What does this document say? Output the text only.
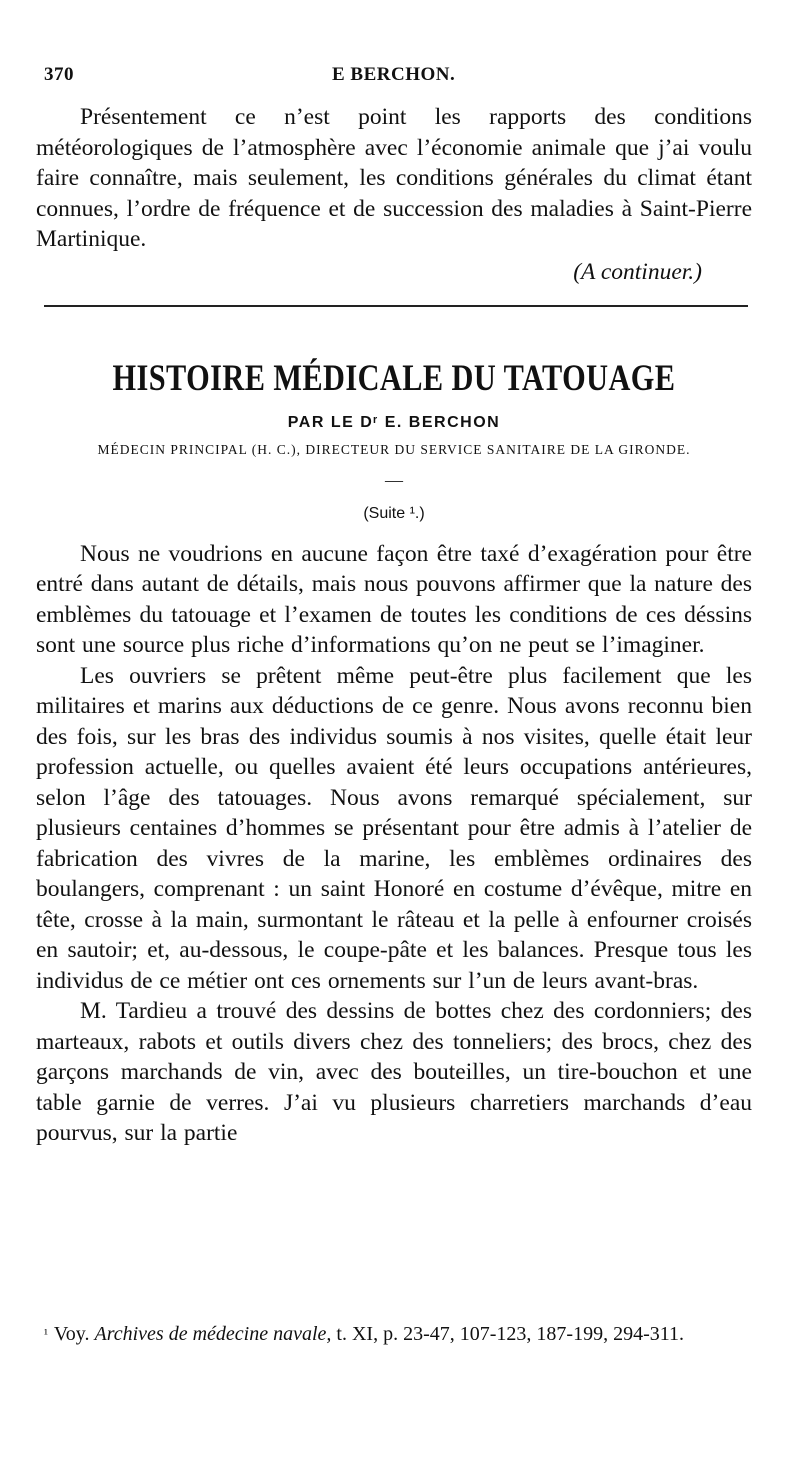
370	E BERCHON.

Présentement ce n’est point les rapports des conditions météorologiques de l’atmosphère avec l’économie animale que j’ai voulu faire connaître, mais seulement, les conditions générales du climat étant connues, l’ordre de fréquence et de succession des maladies à Saint-Pierre Martinique.

(A continuer.)
HISTOIRE MÉDICALE DU TATOUAGE
PAR LE Dʳ E. BERCHON
MÉDECIN PRINCIPAL (H. C.), DIRECTEUR DU SERVICE SANITAIRE DE LA GIRONDE.
—
(Suite ¹.)

Nous ne voudrions en aucune façon être taxé d’exagération pour être entré dans autant de détails, mais nous pouvons affirmer que la nature des emblèmes du tatouage et l’examen de toutes les conditions de ces déssins sont une source plus riche d’informations qu’on ne peut se l’imaginer.

Les ouvriers se prêtent même peut-être plus facilement que les militaires et marins aux déductions de ce genre. Nous avons reconnu bien des fois, sur les bras des individus soumis à nos visites, quelle était leur profession actuelle, ou quelles avaient été leurs occupations antérieures, selon l’âge des tatouages. Nous avons remarqué spécialement, sur plusieurs centaines d’hommes se présentant pour être admis à l’atelier de fabrication des vivres de la marine, les emblèmes ordinaires des boulangers, comprenant : un saint Honoré en costume d’évêque, mitre en tête, crosse à la main, surmontant le râteau et la pelle à enfourner croisés en sautoir; et, au-dessous, le coupe-pâte et les balances. Presque tous les individus de ce métier ont ces ornements sur l’un de leurs avant-bras.

M. Tardieu a trouvé des dessins de bottes chez des cordonniers; des marteaux, rabots et outils divers chez des tonneliers; des brocs, chez des garçons marchands de vin, avec des bouteilles, un tire-bouchon et une table garnie de verres. J’ai vu plusieurs charretiers marchands d’eau pourvus, sur la partie

$^{^1}$ Voy. Archives de médecine navale, t. XI, p. 23-47, 107-123, 187-199, 294-311.
